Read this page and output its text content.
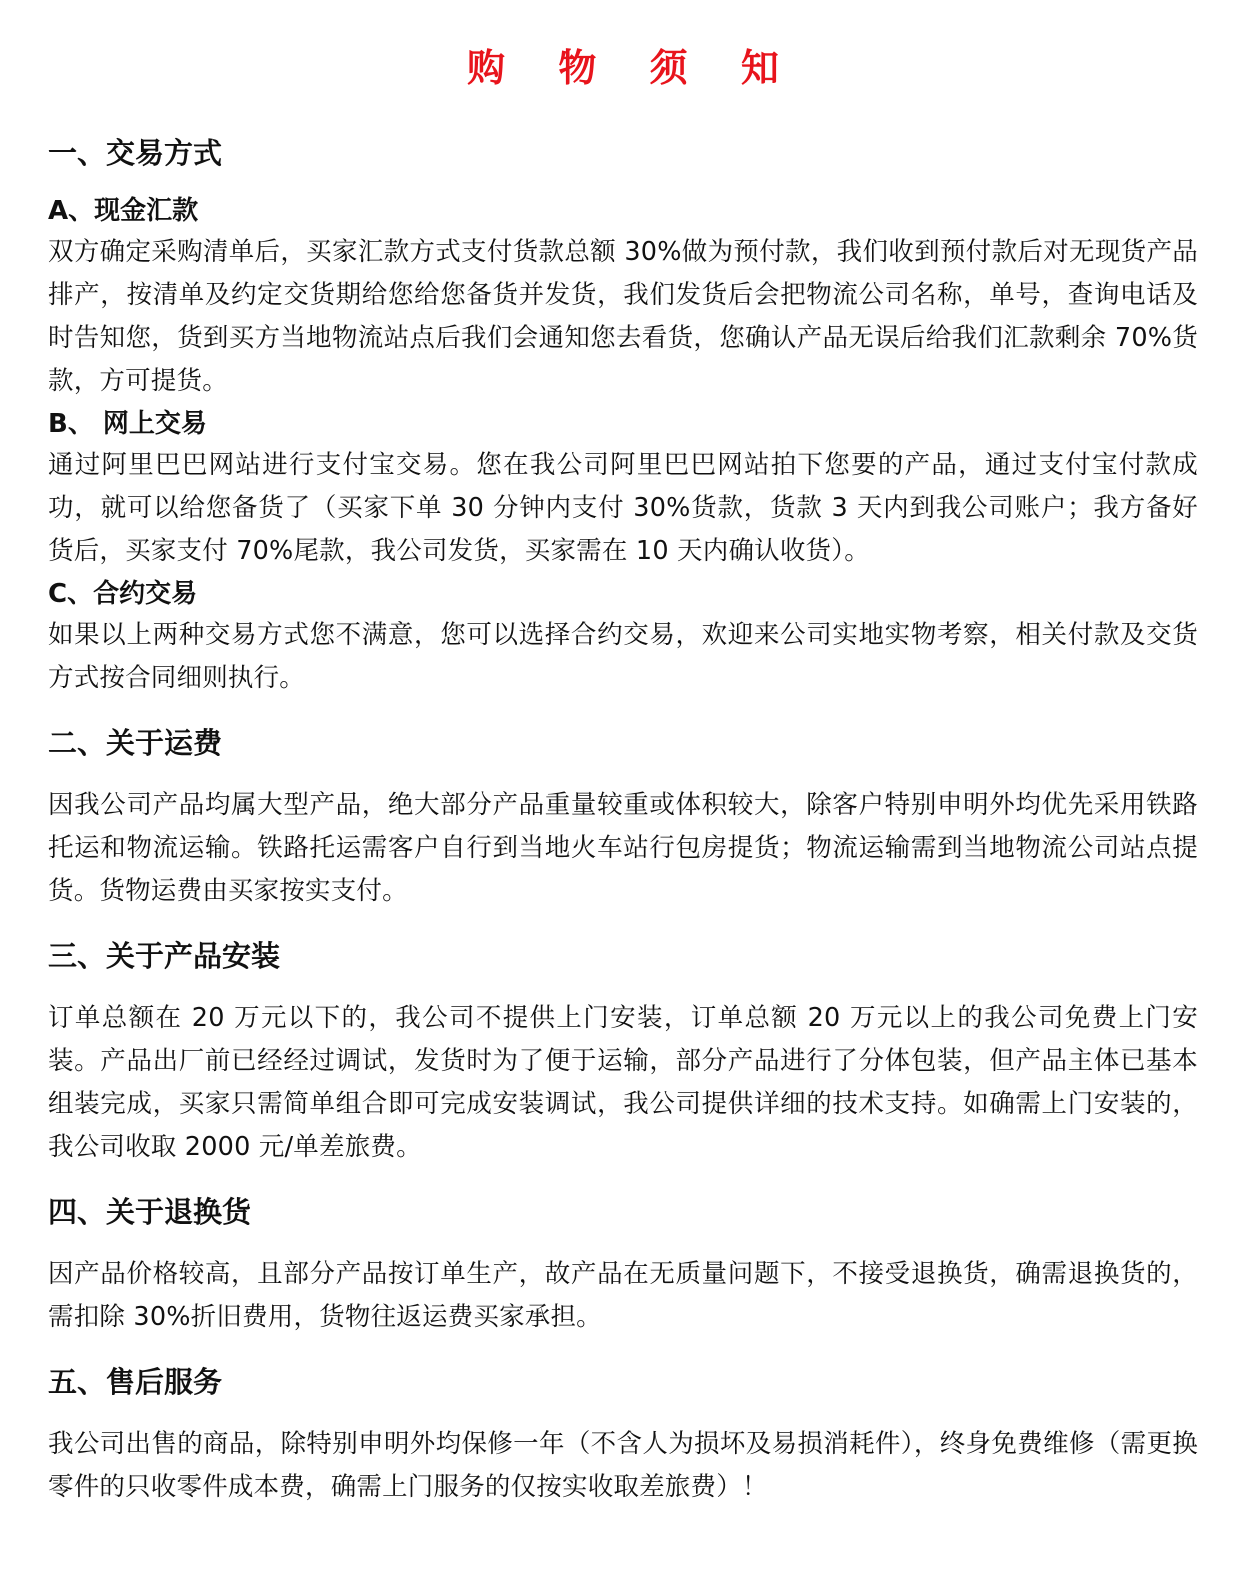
购 物 须 知
一、交易方式
A、现金汇款
双方确定采购清单后，买家汇款方式支付货款总额 30%做为预付款，我们收到预付款后对无现货产品排产，按清单及约定交货期给您给您备货并发货，我们发货后会把物流公司名称，单号，查询电话及时告知您，货到买方当地物流站点后我们会通知您去看货，您确认产品无误后给我们汇款剩余 70%货款，方可提货。
B、 网上交易
通过阿里巴巴网站进行支付宝交易。您在我公司阿里巴巴网站拍下您要的产品，通过支付宝付款成功，就可以给您备货了（买家下单 30 分钟内支付 30%货款，货款 3 天内到我公司账户；我方备好货后，买家支付 70%尾款，我公司发货，买家需在 10 天内确认收货）。
C、合约交易
如果以上两种交易方式您不满意，您可以选择合约交易，欢迎来公司实地实物考察，相关付款及交货方式按合同细则执行。
二、关于运费
因我公司产品均属大型产品，绝大部分产品重量较重或体积较大，除客户特别申明外均优先采用铁路托运和物流运输。铁路托运需客户自行到当地火车站行包房提货；物流运输需到当地物流公司站点提货。货物运费由买家按实支付。
三、关于产品安装
订单总额在 20 万元以下的，我公司不提供上门安装，订单总额 20 万元以上的我公司免费上门安装。产品出厂前已经经过调试，发货时为了便于运输，部分产品进行了分体包装，但产品主体已基本组装完成，买家只需简单组合即可完成安装调试，我公司提供详细的技术支持。如确需上门安装的，我公司收取 2000 元/单差旅费。
四、关于退换货
因产品价格较高，且部分产品按订单生产，故产品在无质量问题下，不接受退换货，确需退换货的，需扣除 30%折旧费用，货物往返运费买家承担。
五、售后服务
我公司出售的商品，除特别申明外均保修一年（不含人为损坏及易损消耗件），终身免费维修（需更换零件的只收零件成本费，确需上门服务的仅按实收取差旅费）！
